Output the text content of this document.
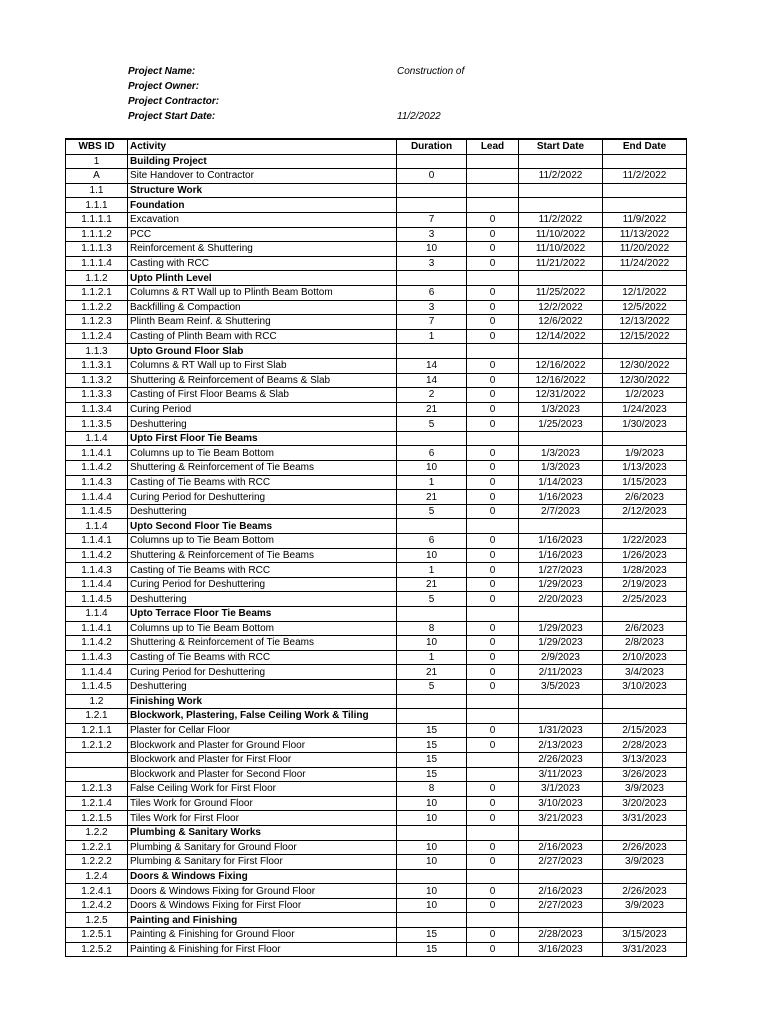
Project Name:	Construction of
Project Owner:
Project Contractor:
Project Start Date:	11/2/2022
WBS ID	Activity	Duration	Lead	Start Date	End Date
1	Building Project				
A	Site Handover to Contractor	0		11/2/2022	11/2/2022
1.1	Structure Work				
1.1.1	Foundation				
1.1.1.1	Excavation	7	0	11/2/2022	11/9/2022
1.1.1.2	PCC	3	0	11/10/2022	11/13/2022
1.1.1.3	Reinforcement & Shuttering	10	0	11/10/2022	11/20/2022
1.1.1.4	Casting with RCC	3	0	11/21/2022	11/24/2022
1.1.2	Upto Plinth Level				
1.1.2.1	Columns & RT Wall up to Plinth Beam Bottom	6	0	11/25/2022	12/1/2022
1.1.2.2	Backfilling & Compaction	3	0	12/2/2022	12/5/2022
1.1.2.3	Plinth Beam Reinf. & Shuttering	7	0	12/6/2022	12/13/2022
1.1.2.4	Casting of Plinth Beam with RCC	1	0	12/14/2022	12/15/2022
1.1.3	Upto Ground Floor Slab				
1.1.3.1	Columns & RT Wall up to First Slab	14	0	12/16/2022	12/30/2022
1.1.3.2	Shuttering & Reinforcement of Beams & Slab	14	0	12/16/2022	12/30/2022
1.1.3.3	Casting of First Floor Beams & Slab	2	0	12/31/2022	1/2/2023
1.1.3.4	Curing Period	21	0	1/3/2023	1/24/2023
1.1.3.5	Deshuttering	5	0	1/25/2023	1/30/2023
1.1.4	Upto First Floor Tie Beams				
1.1.4.1	Columns up to Tie Beam Bottom	6	0	1/3/2023	1/9/2023
1.1.4.2	Shuttering & Reinforcement of Tie Beams	10	0	1/3/2023	1/13/2023
1.1.4.3	Casting of Tie Beams with RCC	1	0	1/14/2023	1/15/2023
1.1.4.4	Curing Period for Deshuttering	21	0	1/16/2023	2/6/2023
1.1.4.5	Deshuttering	5	0	2/7/2023	2/12/2023
1.1.4	Upto Second Floor Tie Beams				
1.1.4.1	Columns up to Tie Beam Bottom	6	0	1/16/2023	1/22/2023
1.1.4.2	Shuttering & Reinforcement of Tie Beams	10	0	1/16/2023	1/26/2023
1.1.4.3	Casting of Tie Beams with RCC	1	0	1/27/2023	1/28/2023
1.1.4.4	Curing Period for Deshuttering	21	0	1/29/2023	2/19/2023
1.1.4.5	Deshuttering	5	0	2/20/2023	2/25/2023
1.1.4	Upto Terrace Floor Tie Beams				
1.1.4.1	Columns up to Tie Beam Bottom	8	0	1/29/2023	2/6/2023
1.1.4.2	Shuttering & Reinforcement of Tie Beams	10	0	1/29/2023	2/8/2023
1.1.4.3	Casting of Tie Beams with RCC	1	0	2/9/2023	2/10/2023
1.1.4.4	Curing Period for Deshuttering	21	0	2/11/2023	3/4/2023
1.1.4.5	Deshuttering	5	0	3/5/2023	3/10/2023
1.2	Finishing Work				
1.2.1	Blockwork, Plastering, False Ceiling Work & Tiling				
1.2.1.1	Plaster for Cellar Floor	15	0	1/31/2023	2/15/2023
1.2.1.2	Blockwork and Plaster for Ground Floor	15	0	2/13/2023	2/28/2023
	Blockwork and Plaster for First Floor	15		2/26/2023	3/13/2023
	Blockwork and Plaster for Second Floor	15		3/11/2023	3/26/2023
1.2.1.3	False Ceiling Work for First Floor	8	0	3/1/2023	3/9/2023
1.2.1.4	Tiles Work for Ground Floor	10	0	3/10/2023	3/20/2023
1.2.1.5	Tiles Work for First Floor	10	0	3/21/2023	3/31/2023
1.2.2	Plumbing & Sanitary Works				
1.2.2.1	Plumbing & Sanitary for Ground Floor	10	0	2/16/2023	2/26/2023
1.2.2.2	Plumbing & Sanitary for First Floor	10	0	2/27/2023	3/9/2023
1.2.4	Doors & Windows Fixing				
1.2.4.1	Doors & Windows Fixing for Ground Floor	10	0	2/16/2023	2/26/2023
1.2.4.2	Doors & Windows Fixing for First Floor	10	0	2/27/2023	3/9/2023
1.2.5	Painting and Finishing				
1.2.5.1	Painting & Finishing for Ground Floor	15	0	2/28/2023	3/15/2023
1.2.5.2	Painting & Finishing for First Floor	15	0	3/16/2023	3/31/2023
